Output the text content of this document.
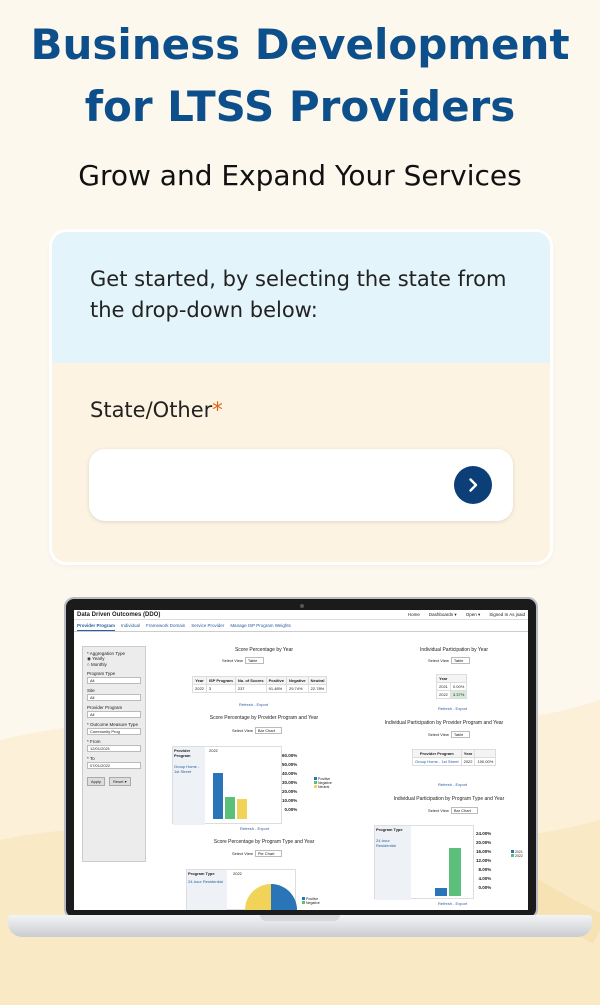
Business Development
for LTSS Providers
Grow and Expand Your Services
Get started, by selecting the state from the drop-down below:
State/Other*
Data Driven Outcomes (DDO)	Home Dashboards ▾ Open ▾ Signed In As jsaid
Provider Program Individual Framework Domain Service Provider Manage ISP Program Weights
* Aggregation Type
◉ Yearly
○ Monthly
Program Type
All
Site
All
Provider Program
All
* Outcome Measure Type
Community Prog
* From
12/01/2021
* To
07/01/2022
Apply	Reset ▾
Score Percentage by Year
Select View Table
Year	ISP Program	No. of Scores	Positive	Negative	Neutral
2022	3	237	91.48%	29.74%	22.78%
Refresh - Export
Score Percentage by Provider Program and Year
Select View Bar Chart
Provider Program
Group Home - 1st Street
2022
60.00%
50.00%
40.00%
30.00%
20.00%
10.00%
0.00%
Positive
Negative
Neutral
Refresh - Export
Score Percentage by Program Type and Year
Select View Pie Chart
Program Type
24-hour Residential
2022
Positive
Negative
Individual Participation by Year
Select View Table
Year	
2021	0.00%
2022	3.37%
Refresh - Export
Individual Participation by Provider Program and Year
Select View Table
Provider Program	Year	
Group Home - 1st Street	2022	100.00%
Refresh - Export
Individual Participation by Program Type and Year
Select View Bar Chart
Program Type
24-hour Residential
24.00%
20.00%
16.00%
12.00%
8.00%
4.00%
0.00%
2021
2022
Refresh - Export
